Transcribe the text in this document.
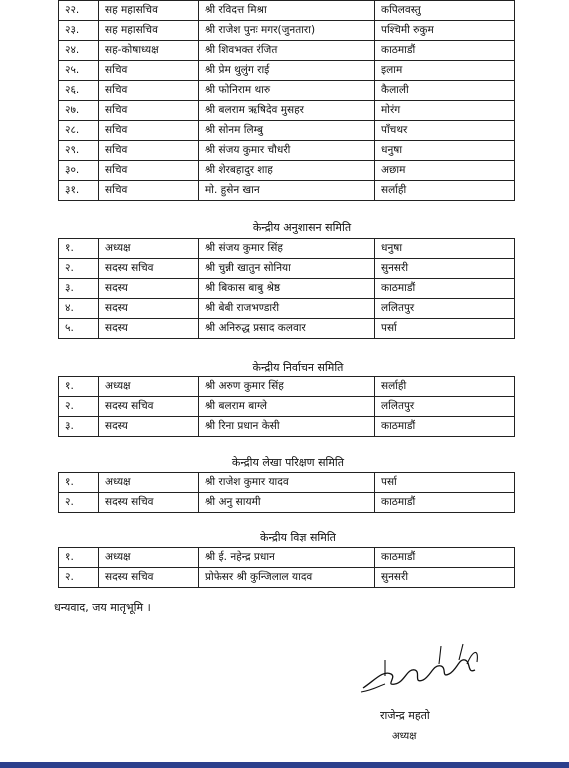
२२.	सह महासचिव	श्री रविदत्त मिश्रा	कपिलवस्तु
२३.	सह महासचिव	श्री राजेश पुनः मगर(जुनतारा)	पश्चिमी रुकुम
२४.	सह-कोषाध्यक्ष	श्री शिवभक्त रंजित	काठमाडौं
२५.	सचिव	श्री प्रेम थुलुंग राई	इलाम
२६.	सचिव	श्री फोनिराम थारु	कैलाली
२७.	सचिव	श्री बलराम ऋषिदेव मुसहर	मोरंग
२८.	सचिव	श्री सोनम लिम्बु	पाँचथर
२९.	सचिव	श्री संजय कुमार चौधरी	धनुषा
३०.	सचिव	श्री शेरबहादुर शाह	अछाम
३१.	सचिव	मो. हुसेन खान	सर्लाही
केन्द्रीय अनुशासन समिति
१.	अध्यक्ष	श्री संजय कुमार सिंह	धनुषा
२.	सदस्य सचिव	श्री चुन्नी खातुन सोनिया	सुनसरी
३.	सदस्य	श्री बिकास बाबु श्रेष्ठ	काठमाडौं
४.	सदस्य	श्री बेबी राजभण्डारी	ललितपुर
५.	सदस्य	श्री अनिरुद्ध प्रसाद कलवार	पर्सा
केन्द्रीय निर्वाचन समिति
१.	अध्यक्ष	श्री अरुण कुमार सिंह	सर्लाही
२.	सदस्य सचिव	श्री बलराम बाग्ले	ललितपुर
३.	सदस्य	श्री रिना प्रधान केसी	काठमाडौं
केन्द्रीय लेखा परिक्षण समिति
१.	अध्यक्ष	श्री राजेश कुमार यादव	पर्सा
२.	सदस्य सचिव	श्री अनु सायमी	काठमाडौं
केन्द्रीय विज्ञ समिति
१.	अध्यक्ष	श्री ई. नहेन्द्र प्रधान	काठमाडौं
२.	सदस्य सचिव	प्रोफेसर श्री कुन्जिलाल यादव	सुनसरी
धन्यवाद, जय मातृभूमि ।
राजेन्द्र महतो
अध्यक्ष
